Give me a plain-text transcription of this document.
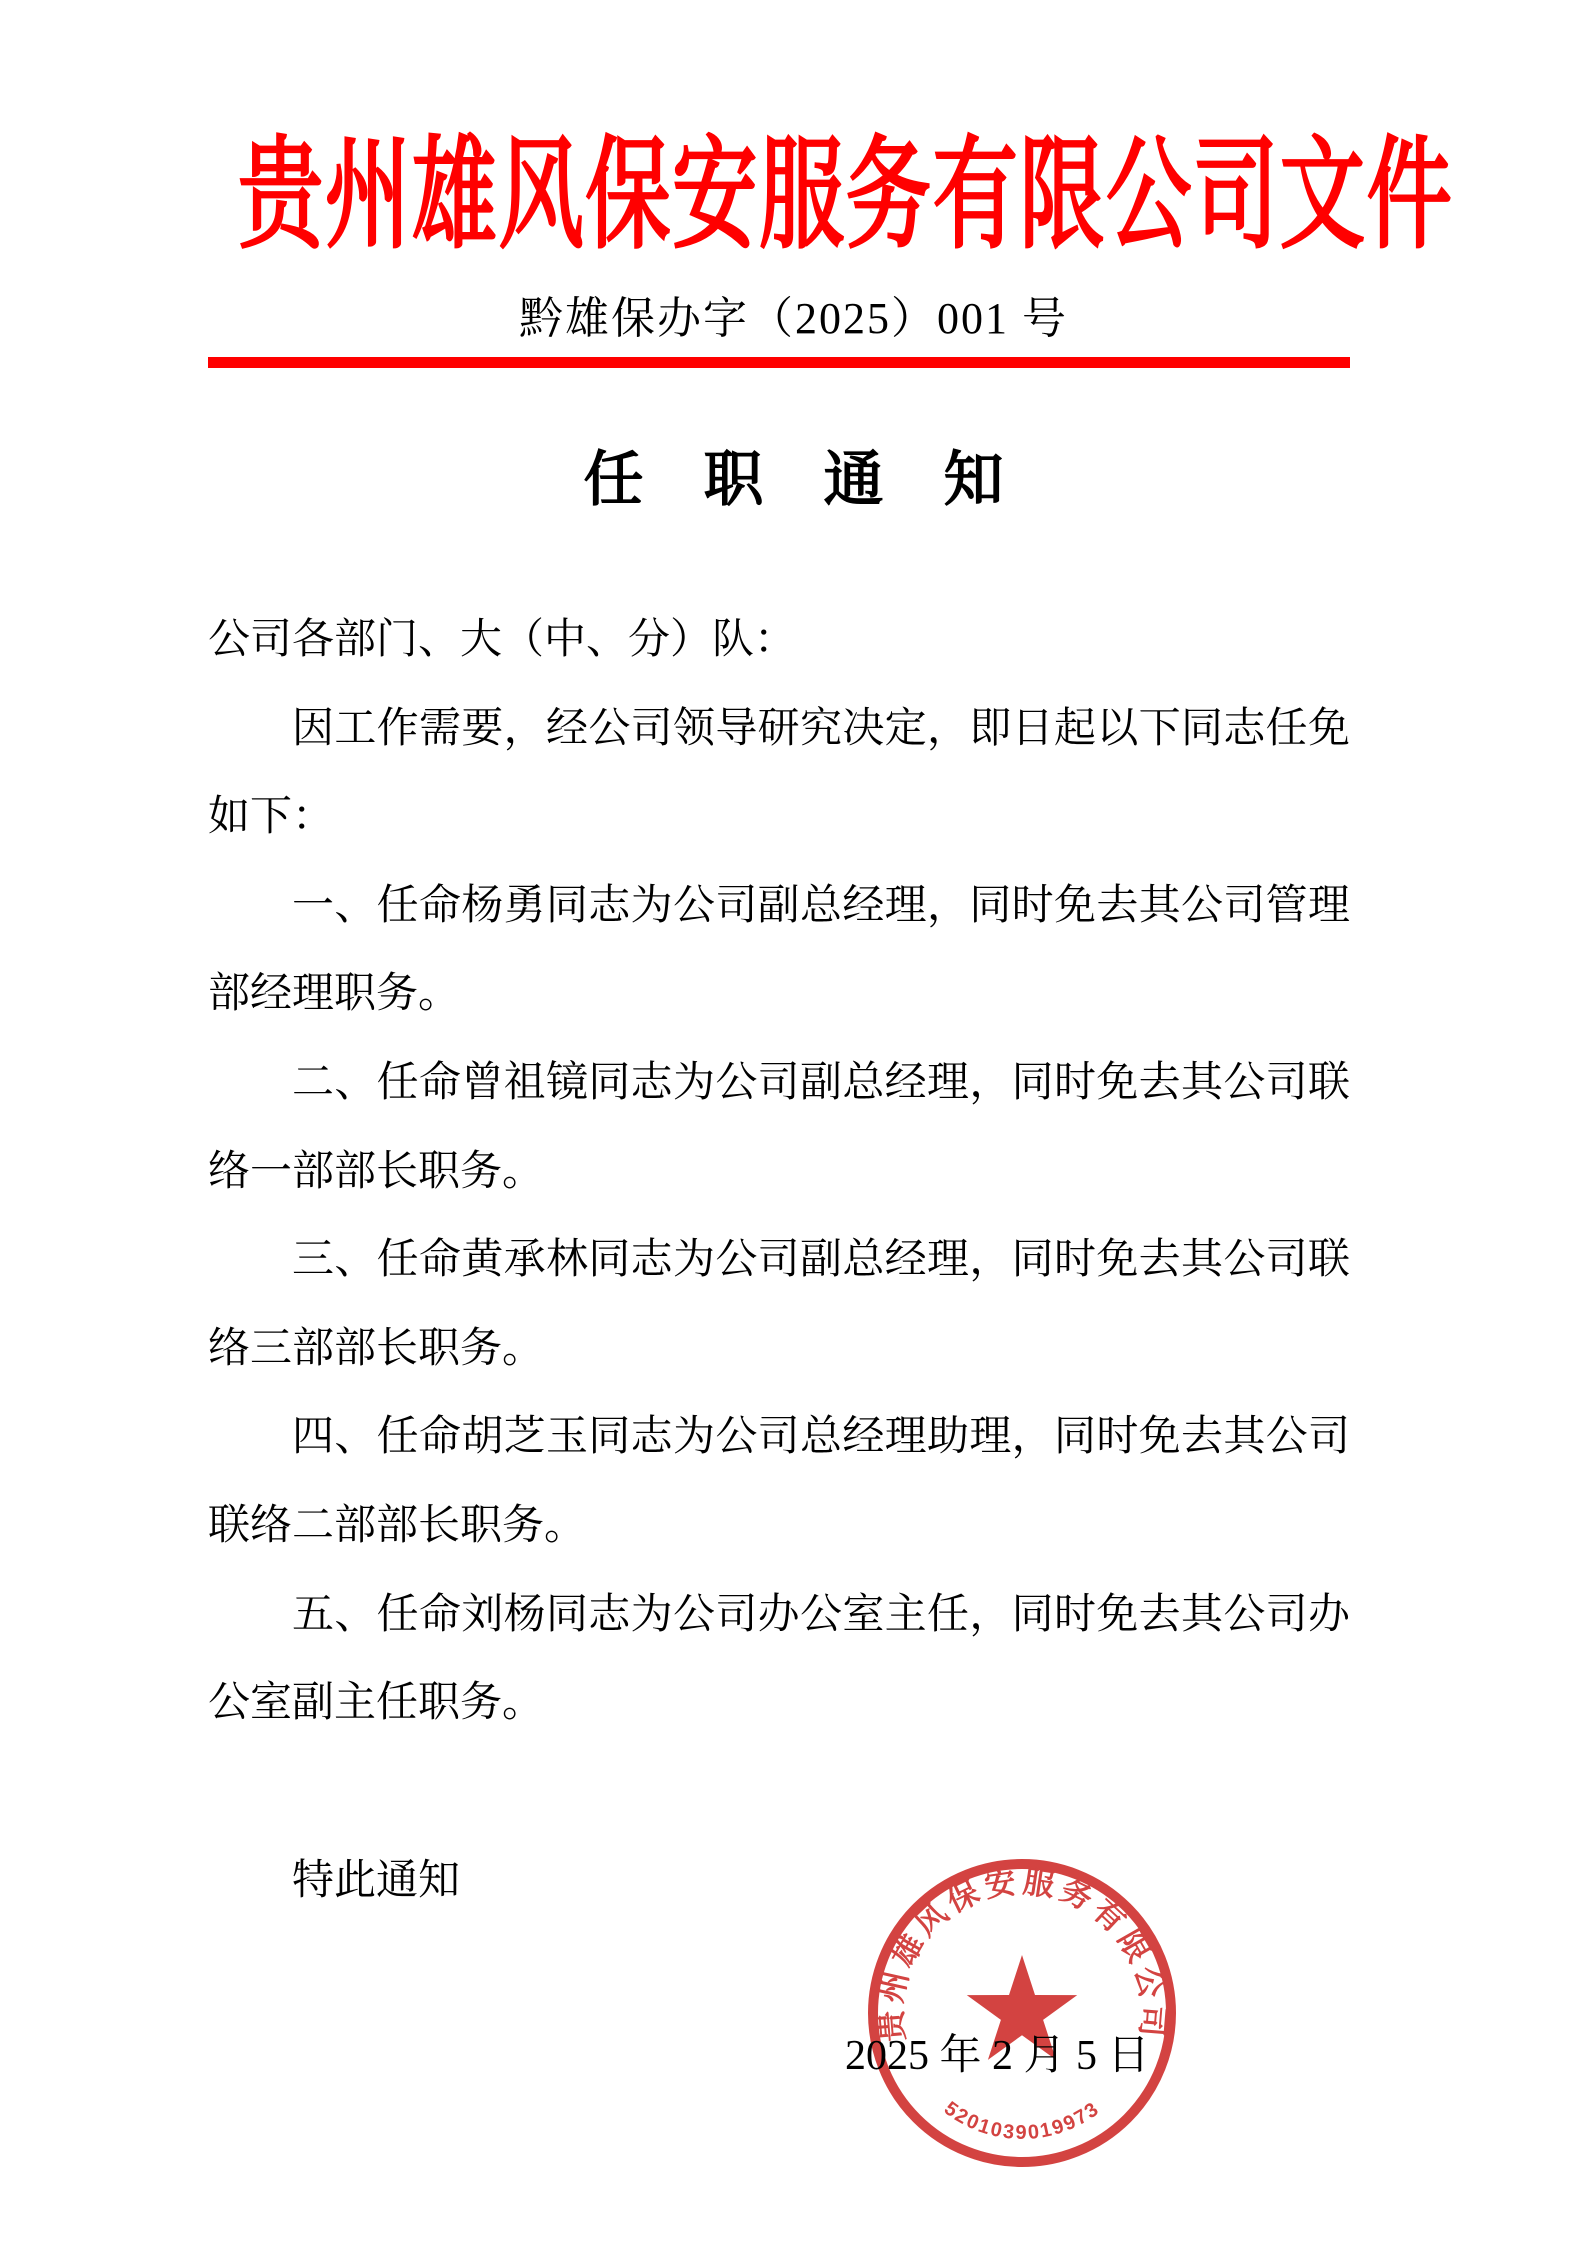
贵州雄风保安服务有限公司文件
黔雄保办字（2025）001 号
任　职　通　知

公司各部门、大（中、分）队：

因工作需要，经公司领导研究决定，即日起以下同志任免如下：

一、任命杨勇同志为公司副总经理，同时免去其公司管理部经理职务。

二、任命曾祖镜同志为公司副总经理，同时免去其公司联络一部部长职务。

三、任命黄承林同志为公司副总经理，同时免去其公司联络三部部长职务。

四、任命胡芝玉同志为公司总经理助理，同时免去其公司联络二部部长职务。

五、任命刘杨同志为公司办公室主任，同时免去其公司办公室副主任职务。

特此通知

2025 年 2 月 5 日

贵州雄风保安服务有限公司
5201039019973
